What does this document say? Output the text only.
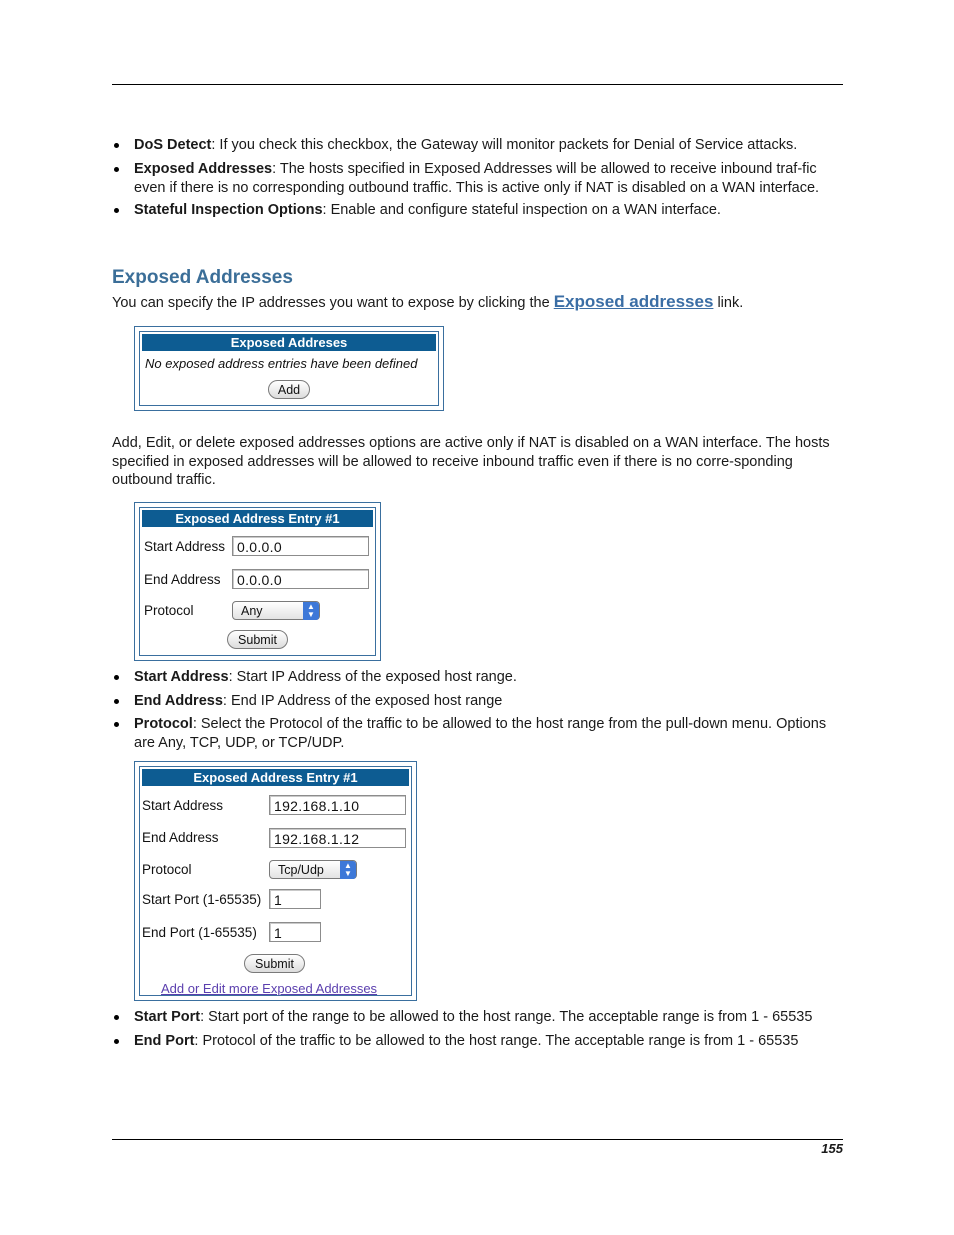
DoS Detect: If you check this checkbox, the Gateway will monitor packets for Denial of Service attacks.
Exposed Addresses: The hosts specified in Exposed Addresses will be allowed to receive inbound traf-fic even if there is no corresponding outbound traffic. This is active only if NAT is disabled on a WAN interface.
Stateful Inspection Options: Enable and configure stateful inspection on a WAN interface.
Exposed Addresses

You can specify the IP addresses you want to expose by clicking the Exposed addresses link.

Exposed Addreses
No exposed address entries have been defined
Add

Add, Edit, or delete exposed addresses options are active only if NAT is disabled on a WAN interface. The hosts specified in exposed addresses will be allowed to receive inbound traffic even if there is no corre-sponding outbound traffic.

Exposed Address Entry #1
Start Address 0.0.0.0
End Address	0.0.0.0
Protocol	Any	▲
▼
Submit
Start Address: Start IP Address of the exposed host range.
End Address: End IP Address of the exposed host range
Protocol: Select the Protocol of the traffic to be allowed to the host range from the pull-down menu. Options are Any, TCP, UDP, or TCP/UDP.
Exposed Address Entry #1
Start Address	192.168.1.10
End Address	192.168.1.12
Protocol	Tcp/Udp	▲
▼
Start Port (1-65535) 1
End Port (1-65535)	1
Submit
Add or Edit more Exposed Addresses
Start Port: Start port of the range to be allowed to the host range. The acceptable range is from 1 - 65535
End Port: Protocol of the traffic to be allowed to the host range. The acceptable range is from 1 - 65535
155
